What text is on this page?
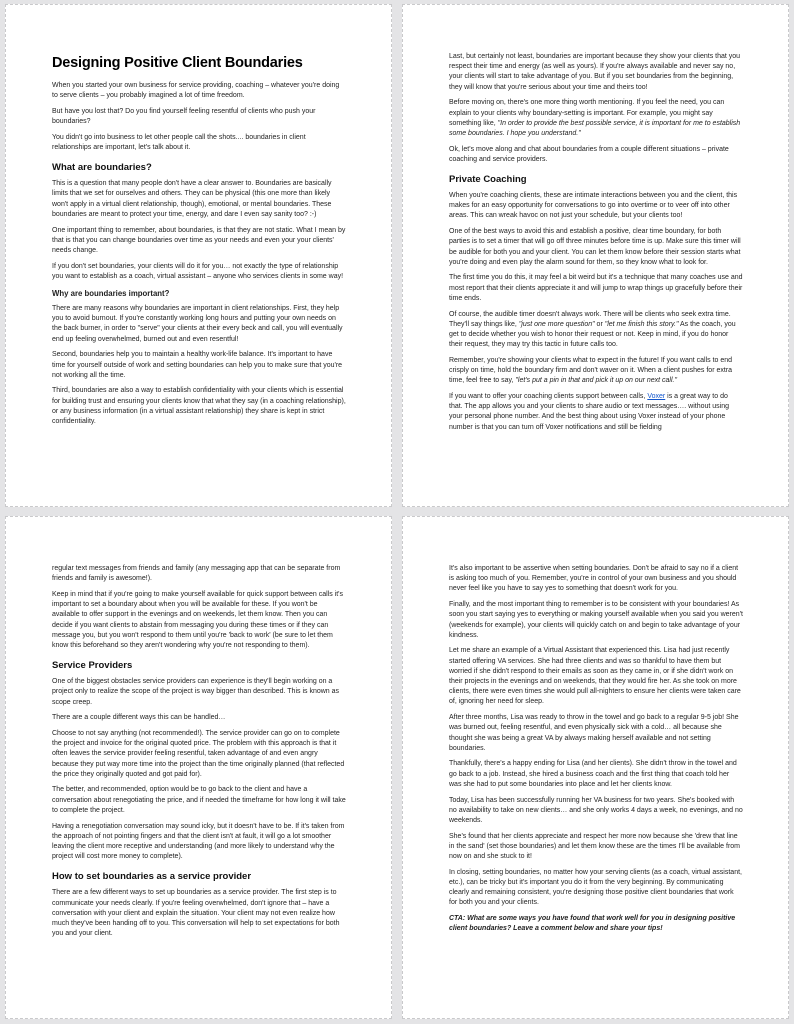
Designing Positive Client Boundaries

When you started your own business for service providing, coaching – whatever you're doing to serve clients – you probably imagined a lot of time freedom.

But have you lost that? Do you find yourself feeling resentful of clients who push your boundaries?

You didn't go into business to let other people call the shots.... boundaries in client relationships are important, let's talk about it.

What are boundaries?

This is a question that many people don't have a clear answer to. Boundaries are basically limits that we set for ourselves and others. They can be physical (this one more than likely won't apply in a virtual client relationship, though), emotional, or mental boundaries. These boundaries are meant to protect your time, energy, and dare I even say sanity too? :-)

One important thing to remember, about boundaries, is that they are not static. What I mean by that is that you can change boundaries over time as your needs and even your your clients' needs change.

If you don't set boundaries, your clients will do it for you… not exactly the type of relationship you want to establish as a coach, virtual assistant – anyone who services clients in some way!

Why are boundaries important?

There are many reasons why boundaries are important in client relationships. First, they help you to avoid burnout. If you're constantly working long hours and putting your own needs on the back burner, in order to "serve" your clients at their every beck and call, you will eventually end up feeling overwhelmed, burned out and even resentful!

Second, boundaries help you to maintain a healthy work-life balance. It's important to have time for yourself outside of work and setting boundaries can help you to make sure that you're not working all the time.

Third, boundaries are also a way to establish confidentiality with your clients which is essential for building trust and ensuring your clients know that what they say (in a coaching relationship), or any business information (in a virtual assistant relationship) they share is kept in strict confidentiality.

Last, but certainly not least, boundaries are important because they show your clients that you respect their time and energy (as well as yours). If you're always available and never say no, your clients will start to take advantage of you. But if you set boundaries from the beginning, they will know that you're serious about your time and theirs too!

Before moving on, there's one more thing worth mentioning. If you feel the need, you can explain to your clients why boundary-setting is important. For example, you might say something like, "In order to provide the best possible service, it is important for me to establish some boundaries. I hope you understand."

Ok, let's move along and chat about boundaries from a couple different situations – private coaching and service providers.

Private Coaching

When you're coaching clients, these are intimate interactions between you and the client, this makes for an easy opportunity for conversations to go into overtime or to veer off into other areas. This can wreak havoc on not just your schedule, but your clients too!

One of the best ways to avoid this and establish a positive, clear time boundary, for both parties is to set a timer that will go off three minutes before time is up. Make sure this timer will be audible for both you and your client. You can let them know before their session starts what you're doing and even play the alarm sound for them, so they know what to look for.

The first time you do this, it may feel a bit weird but it's a technique that many coaches use and most report that their clients appreciate it and will jump to wrap things up gracefully before their time ends.

Of course, the audible timer doesn't always work. There will be clients who seek extra time. They'll say things like, "just one more question" or "let me finish this story." As the coach, you get to decide whether you wish to honor their request or not. Keep in mind, if you do honor their request, they may try this tactic in future calls too.

Remember, you're showing your clients what to expect in the future! If you want calls to end crisply on time, hold the boundary firm and don't waver on it. When a client pushes for extra time, feel free to say, "let's put a pin in that and pick it up on our next call."

If you want to offer your coaching clients support between calls, Voxer is a great way to do that. The app allows you and your clients to share audio or text messages…. without using your personal phone number. And the best thing about using Voxer instead of your phone number is that you can turn off Voxer notifications and still be fielding

regular text messages from friends and family (any messaging app that can be separate from friends and family is awesome!).

Keep in mind that if you're going to make yourself available for quick support between calls it's important to set a boundary about when you will be available for these. If you won't be available to offer support in the evenings and on weekends, let them know. Then you can decide if you want clients to abstain from messaging you during these times or if they can message you, but you won't respond to them until you're 'back to work' (be sure to let them know this beforehand so they aren't wondering why you're not responding to them).

Service Providers

One of the biggest obstacles service providers can experience is they'll begin working on a project only to realize the scope of the project is way bigger than described. This is known as scope creep.

There are a couple different ways this can be handled…

Choose to not say anything (not recommended!). The service provider can go on to complete the project and invoice for the original quoted price. The problem with this approach is that it often leaves the service provider feeling resentful, taken advantage of and even angry because they put way more time into the project than the time originally planned (that reflected the price they originally quoted and got paid for).

The better, and recommended, option would be to go back to the client and have a conversation about renegotiating the price, and if needed the timeframe for how long it will take to complete the project.

Having a renegotiation conversation may sound icky, but it doesn't have to be. If it's taken from the approach of not pointing fingers and that the client isn't at fault, it will go a lot smoother leaving the client more receptive and understanding (and more likely to understand why the project will cost more money to complete).

How to set boundaries as a service provider

There are a few different ways to set up boundaries as a service provider. The first step is to communicate your needs clearly. If you're feeling overwhelmed, don't ignore that – have a conversation with your client and explain the situation. Your client may not even realize how much they've been handing off to you. This conversation will help to set expectations for both you and your client.

It's also important to be assertive when setting boundaries. Don't be afraid to say no if a client is asking too much of you. Remember, you're in control of your own business and you should never feel like you have to say yes to something that doesn't work for you.

Finally, and the most important thing to remember is to be consistent with your boundaries! As soon you start saying yes to everything or making yourself available when you said you weren't (weekends for example), your clients will quickly catch on and begin to take advantage of your kindness.

Let me share an example of a Virtual Assistant that experienced this. Lisa had just recently started offering VA services. She had three clients and was so thankful to have them but worried if she didn't respond to their emails as soon as they came in, or if she didn't work on their projects in the evenings and on weekends, that they would fire her. As she took on more clients, there were even times she would pull all-nighters to ensure her clients were taken care of, ignoring her need for sleep.

After three months, Lisa was ready to throw in the towel and go back to a regular 9-5 job! She was burned out, feeling resentful, and even physically sick with a cold… all because she thought she was being a great VA by always making herself available and not setting boundaries.

Thankfully, there's a happy ending for Lisa (and her clients). She didn't throw in the towel and go back to a job. Instead, she hired a business coach and the first thing that coach told her was she had to put some boundaries into place and let her clients know.

Today, Lisa has been successfully running her VA business for two years. She's booked with no availability to take on new clients… and she only works 4 days a week, no evenings, and no weekends.

She's found that her clients appreciate and respect her more now because she 'drew that line in the sand' (set those boundaries) and let them know these are the times I'll be available from now on and she stuck to it!

In closing, setting boundaries, no matter how your serving clients (as a coach, virtual assistant, etc.), can be tricky but it's important you do it from the very beginning. By communicating clearly and remaining consistent, you're designing those positive client boundaries that work for both you and your clients.

CTA: What are some ways you have found that work well for you in designing positive client boundaries? Leave a comment below and share your tips!
